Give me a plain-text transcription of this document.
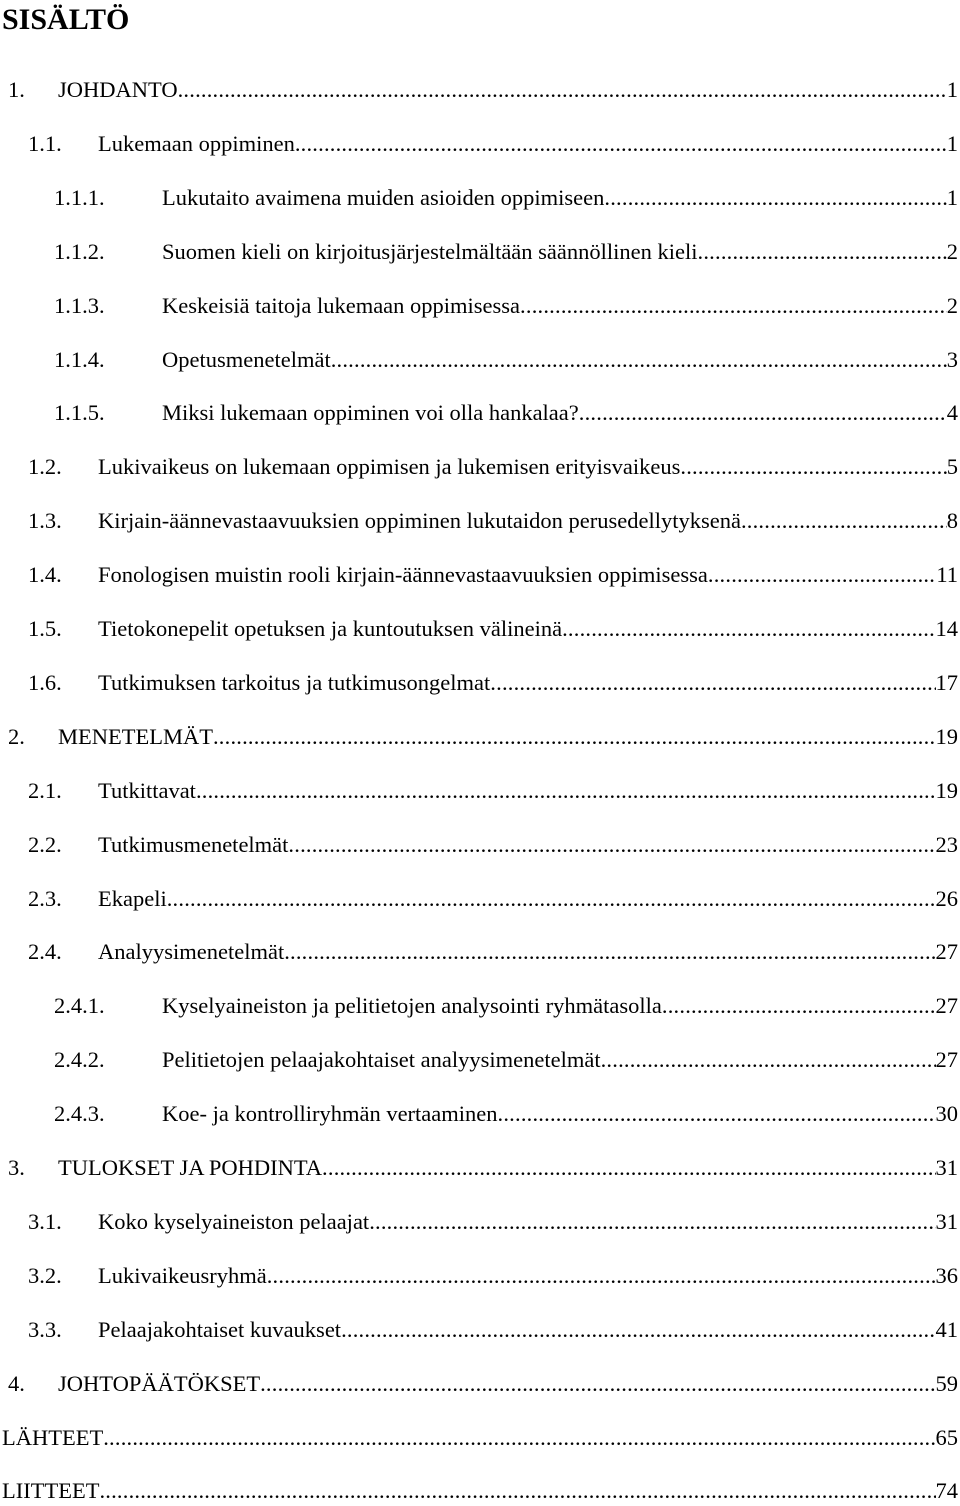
SISÄLTÖ
1.	JOHDANTO .....	1
1.1.	Lukemaan oppiminen .....	1
1.1.1.	Lukutaito avaimena muiden asioiden oppimiseen .....	1
1.1.2.	Suomen kieli on kirjoitusjärjestelmältään säännöllinen kieli .....	2
1.1.3.	Keskeisiä taitoja lukemaan oppimisessa .....	2
1.1.4.	Opetusmenetelmät .....	3
1.1.5.	Miksi lukemaan oppiminen voi olla hankalaa? .....	4
1.2.	Lukivaikeus on lukemaan oppimisen ja lukemisen erityisvaikeus .....	5
1.3.	Kirjain-äännevastaavuuksien oppiminen lukutaidon perusedellytyksenä .....	8
1.4.	Fonologisen muistin rooli kirjain-äännevastaavuuksien oppimisessa .....	11
1.5.	Tietokonepelit opetuksen ja kuntoutuksen välineinä .....	14
1.6.	Tutkimuksen tarkoitus ja tutkimusongelmat .....	17
2.	MENETELMÄT .....	19
2.1.	Tutkittavat .....	19
2.2.	Tutkimusmenetelmät .....	23
2.3.	Ekapeli .....	26
2.4.	Analyysimenetelmät .....	27
2.4.1.	Kyselyaineiston ja pelitietojen analysointi ryhmätasolla .....	27
2.4.2.	Pelitietojen pelaajakohtaiset analyysimenetelmät .....	27
2.4.3.	Koe- ja kontrolliryhmän vertaaminen .....	30
3.	TULOKSET JA POHDINTA .....	31
3.1.	Koko kyselyaineiston pelaajat .....	31
3.2.	Lukivaikeusryhmä .....	36
3.3.	Pelaajakohtaiset kuvaukset .....	41
4.	JOHTOPÄÄTÖKSET .....	59
LÄHTEET .....	65
LIITTEET .....	74
